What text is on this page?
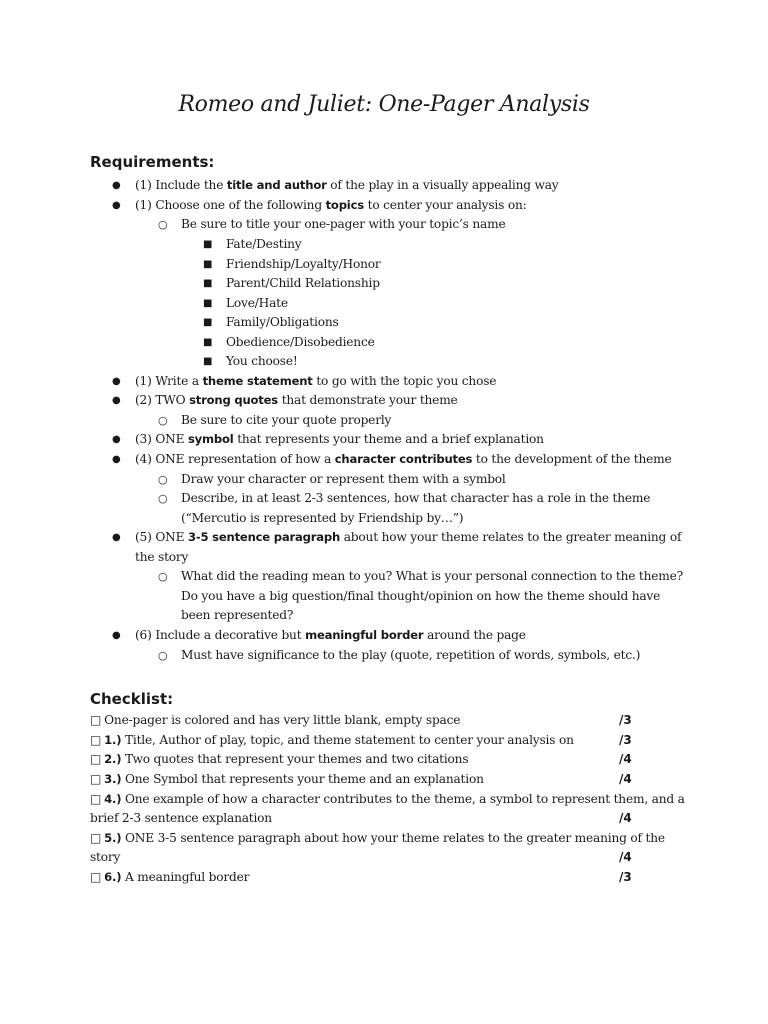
Romeo and Juliet: One-Pager Analysis
Requirements:
● (1) Include the title and author of the play in a visually appealing way
● (1) Choose one of the following topics to center your analysis on:
○ Be sure to title your one-pager with your topic’s name
■ Fate/Destiny
■ Friendship/Loyalty/Honor
■ Parent/Child Relationship
■ Love/Hate
■ Family/Obligations
■ Obedience/Disobedience
■ You choose!
● (1) Write a theme statement to go with the topic you chose
● (2) TWO strong quotes that demonstrate your theme
○ Be sure to cite your quote properly
● (3) ONE symbol that represents your theme and a brief explanation
● (4) ONE representation of how a character contributes to the development of the theme
○ Draw your character or represent them with a symbol
○ Describe, in at least 2-3 sentences, how that character has a role in the theme
(“Mercutio is represented by Friendship by…”)
● (5) ONE 3-5 sentence paragraph about how your theme relates to the greater meaning of
the story
○ What did the reading mean to you? What is your personal connection to the theme?
Do you have a big question/final thought/opinion on how the theme should have
been represented?
● (6) Include a decorative but meaningful border around the page
○ Must have significance to the play (quote, repetition of words, symbols, etc.)
Checklist:
□ One-pager is colored and has very little blank, empty space	/3
□ 1.) Title, Author of play, topic, and theme statement to center your analysis on	/3
□ 2.) Two quotes that represent your themes and two citations	/4
□ 3.) One Symbol that represents your theme and an explanation	/4
□ 4.) One example of how a character contributes to the theme, a symbol to represent them, and a
brief 2-3 sentence explanation	/4
□ 5.) ONE 3-5 sentence paragraph about how your theme relates to the greater meaning of the
story	/4
□ 6.) A meaningful border	/3
